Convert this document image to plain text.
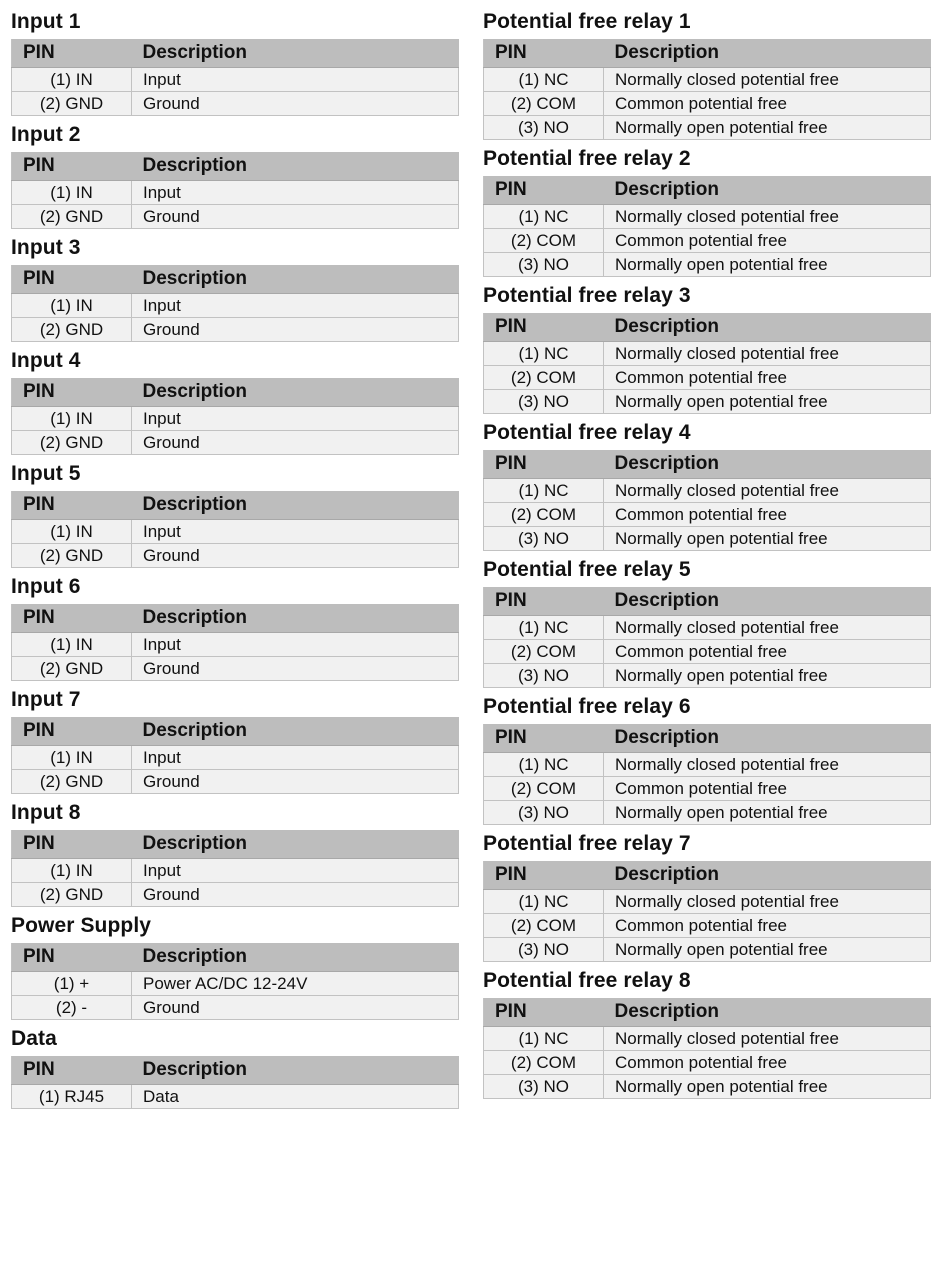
Input 1
PIN	Description
(1) IN	Input
(2) GND	Ground
Input 2
PIN	Description
(1) IN	Input
(2) GND	Ground
Input 3
PIN	Description
(1) IN	Input
(2) GND	Ground
Input 4
PIN	Description
(1) IN	Input
(2) GND	Ground
Input 5
PIN	Description
(1) IN	Input
(2) GND	Ground
Input 6
PIN	Description
(1) IN	Input
(2) GND	Ground
Input 7
PIN	Description
(1) IN	Input
(2) GND	Ground
Input 8
PIN	Description
(1) IN	Input
(2) GND	Ground
Power Supply
PIN	Description
(1) +	Power AC/DC 12-24V
(2) -	Ground
Data
PIN	Description
(1) RJ45	Data
Potential free relay 1
PIN	Description
(1) NC	Normally closed potential free
(2) COM	Common potential free
(3) NO	Normally open potential free
Potential free relay 2
PIN	Description
(1) NC	Normally closed potential free
(2) COM	Common potential free
(3) NO	Normally open potential free
Potential free relay 3
PIN	Description
(1) NC	Normally closed potential free
(2) COM	Common potential free
(3) NO	Normally open potential free
Potential free relay 4
PIN	Description
(1) NC	Normally closed potential free
(2) COM	Common potential free
(3) NO	Normally open potential free
Potential free relay 5
PIN	Description
(1) NC	Normally closed potential free
(2) COM	Common potential free
(3) NO	Normally open potential free
Potential free relay 6
PIN	Description
(1) NC	Normally closed potential free
(2) COM	Common potential free
(3) NO	Normally open potential free
Potential free relay 7
PIN	Description
(1) NC	Normally closed potential free
(2) COM	Common potential free
(3) NO	Normally open potential free
Potential free relay 8
PIN	Description
(1) NC	Normally closed potential free
(2) COM	Common potential free
(3) NO	Normally open potential free
